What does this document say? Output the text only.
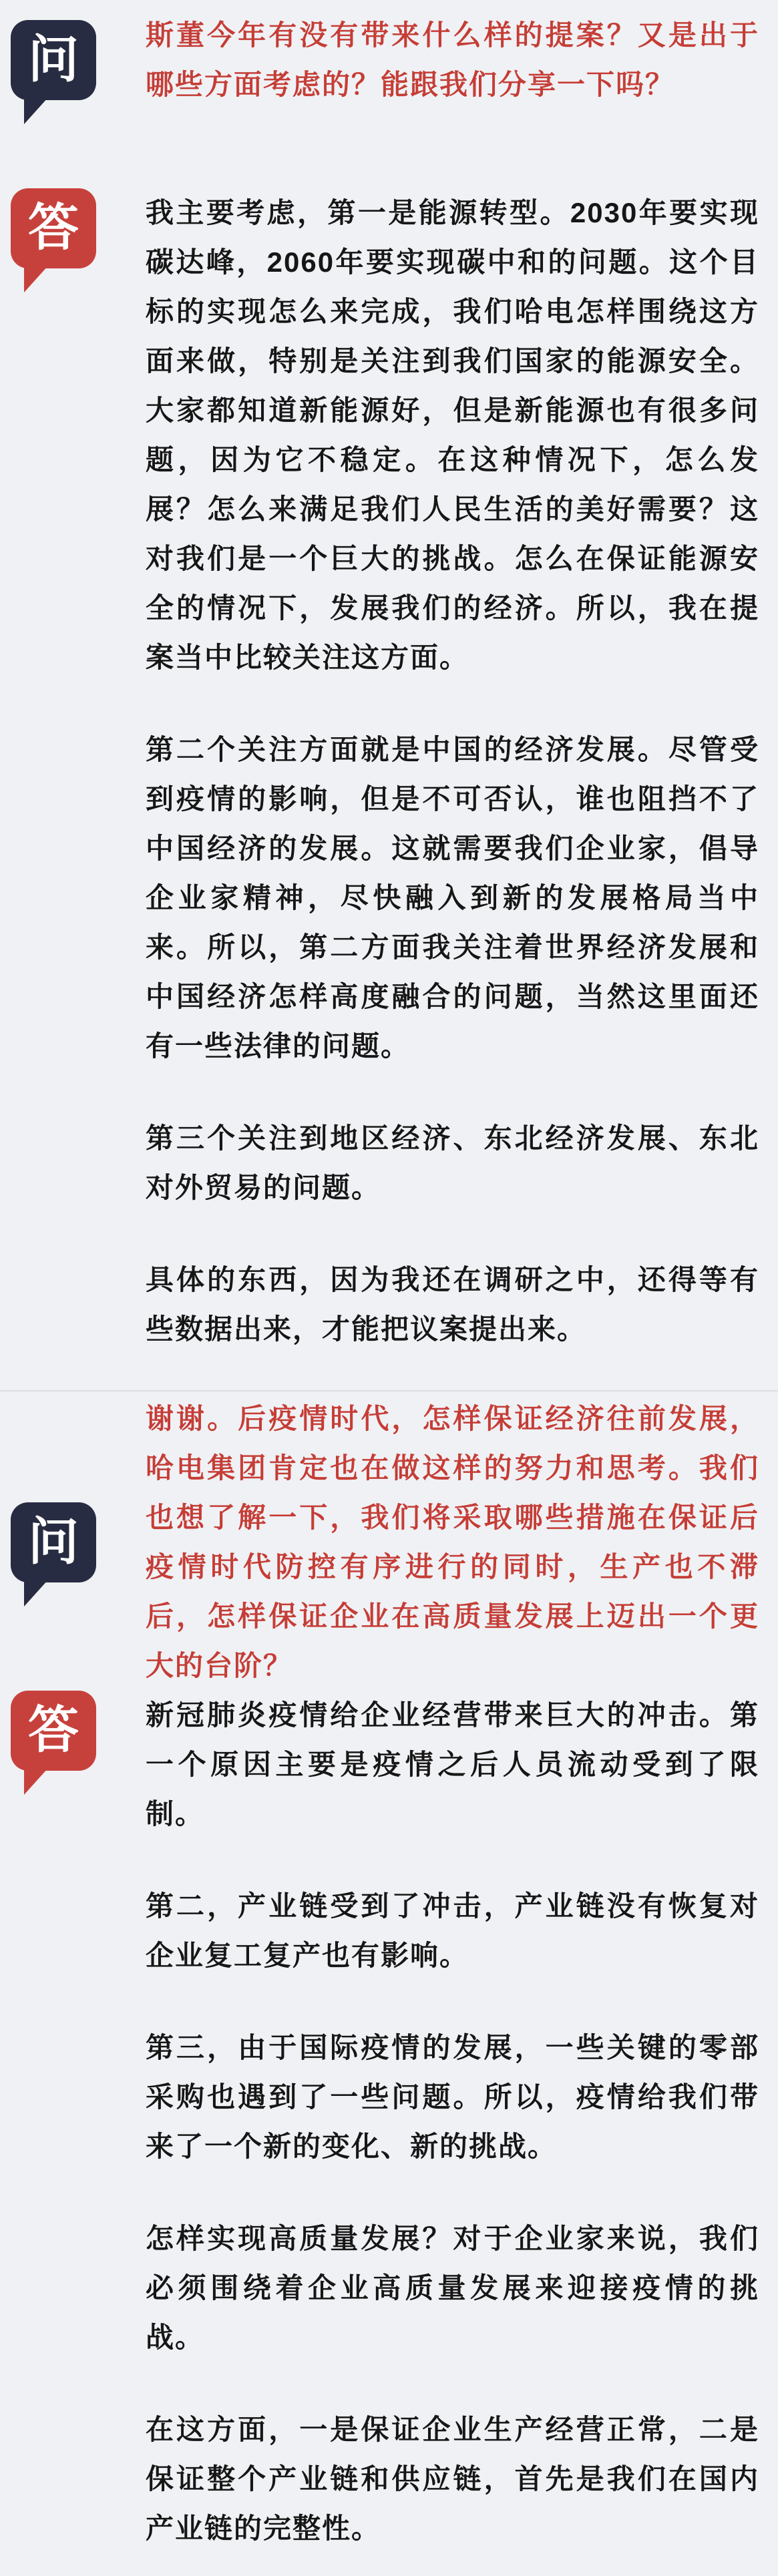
问 斯董今年有没有带来什么样的提案？又是出于哪些方面考虑的？能跟我们分享一下吗？

答 我主要考虑，第一是能源转型。2030年要实现碳达峰，2060年要实现碳中和的问题。这个目标的实现怎么来完成，我们哈电怎样围绕这方面来做，特别是关注到我们国家的能源安全。大家都知道新能源好，但是新能源也有很多问题，因为它不稳定。在这种情况下，怎么发展？怎么来满足我们人民生活的美好需要？这对我们是一个巨大的挑战。怎么在保证能源安全的情况下，发展我们的经济。所以，我在提案当中比较关注这方面。

第二个关注方面就是中国的经济发展。尽管受到疫情的影响，但是不可否认，谁也阻挡不了中国经济的发展。这就需要我们企业家，倡导企业家精神，尽快融入到新的发展格局当中来。所以，第二方面我关注着世界经济发展和中国经济怎样高度融合的问题，当然这里面还有一些法律的问题。

第三个关注到地区经济、东北经济发展、东北对外贸易的问题。

具体的东西，因为我还在调研之中，还得等有些数据出来，才能把议案提出来。

问

谢谢。后疫情时代，怎样保证经济往前发展，哈电集团肯定也在做这样的努力和思考。我们也想了解一下，我们将采取哪些措施在保证后疫情时代防控有序进行的同时，生产也不滞后，怎样保证企业在高质量发展上迈出一个更大的台阶？

答 新冠肺炎疫情给企业经营带来巨大的冲击。第一个原因主要是疫情之后人员流动受到了限制。

第二，产业链受到了冲击，产业链没有恢复对企业复工复产也有影响。

第三，由于国际疫情的发展，一些关键的零部采购也遇到了一些问题。所以，疫情给我们带来了一个新的变化、新的挑战。

怎样实现高质量发展？对于企业家来说，我们必须围绕着企业高质量发展来迎接疫情的挑战。

在这方面，一是保证企业生产经营正常，二是保证整个产业链和供应链，首先是我们在国内产业链的完整性。
